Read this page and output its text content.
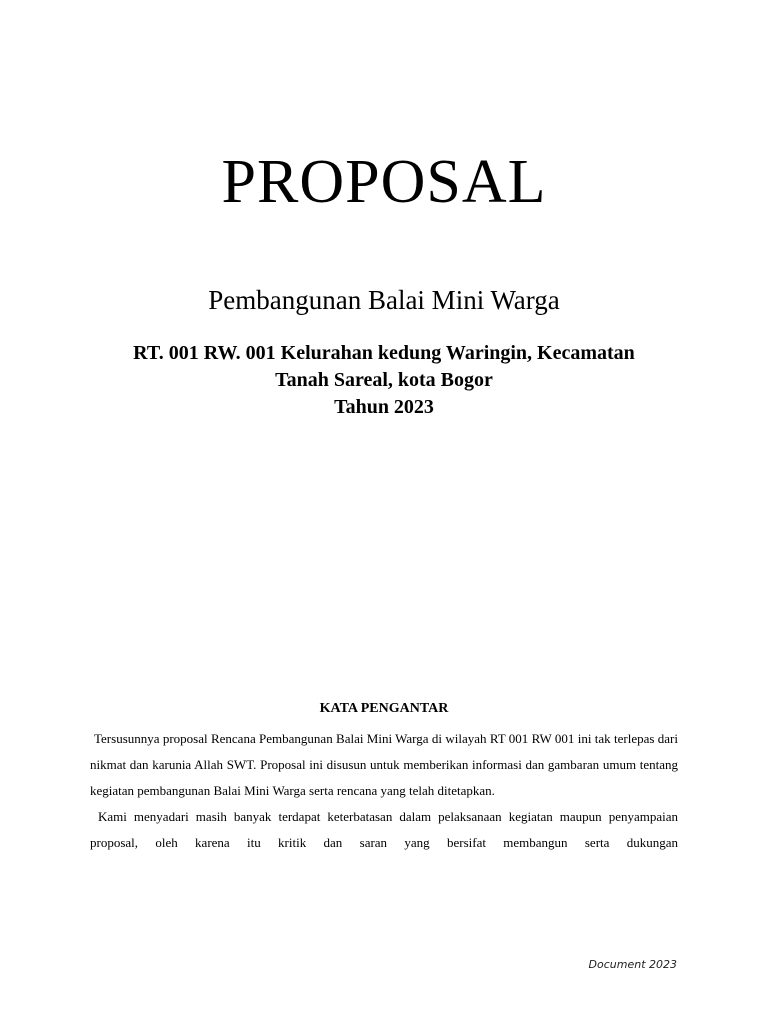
PROPOSAL
Pembangunan Balai Mini Warga
RT. 001 RW. 001 Kelurahan kedung Waringin, Kecamatan
Tanah Sareal, kota Bogor
Tahun 2023
KATA PENGANTAR

Tersusunnya proposal Rencana Pembangunan Balai Mini Warga di wilayah RT 001 RW 001 ini tak terlepas dari nikmat dan karunia Allah SWT. Proposal ini disusun untuk memberikan informasi dan gambaran umum tentang kegiatan pembangunan Balai Mini Warga serta rencana yang telah ditetapkan.

Kami menyadari masih banyak terdapat keterbatasan dalam pelaksanaan kegiatan maupun penyampaian proposal, oleh karena itu kritik dan saran yang bersifat membangun serta dukungan

Document 2023
